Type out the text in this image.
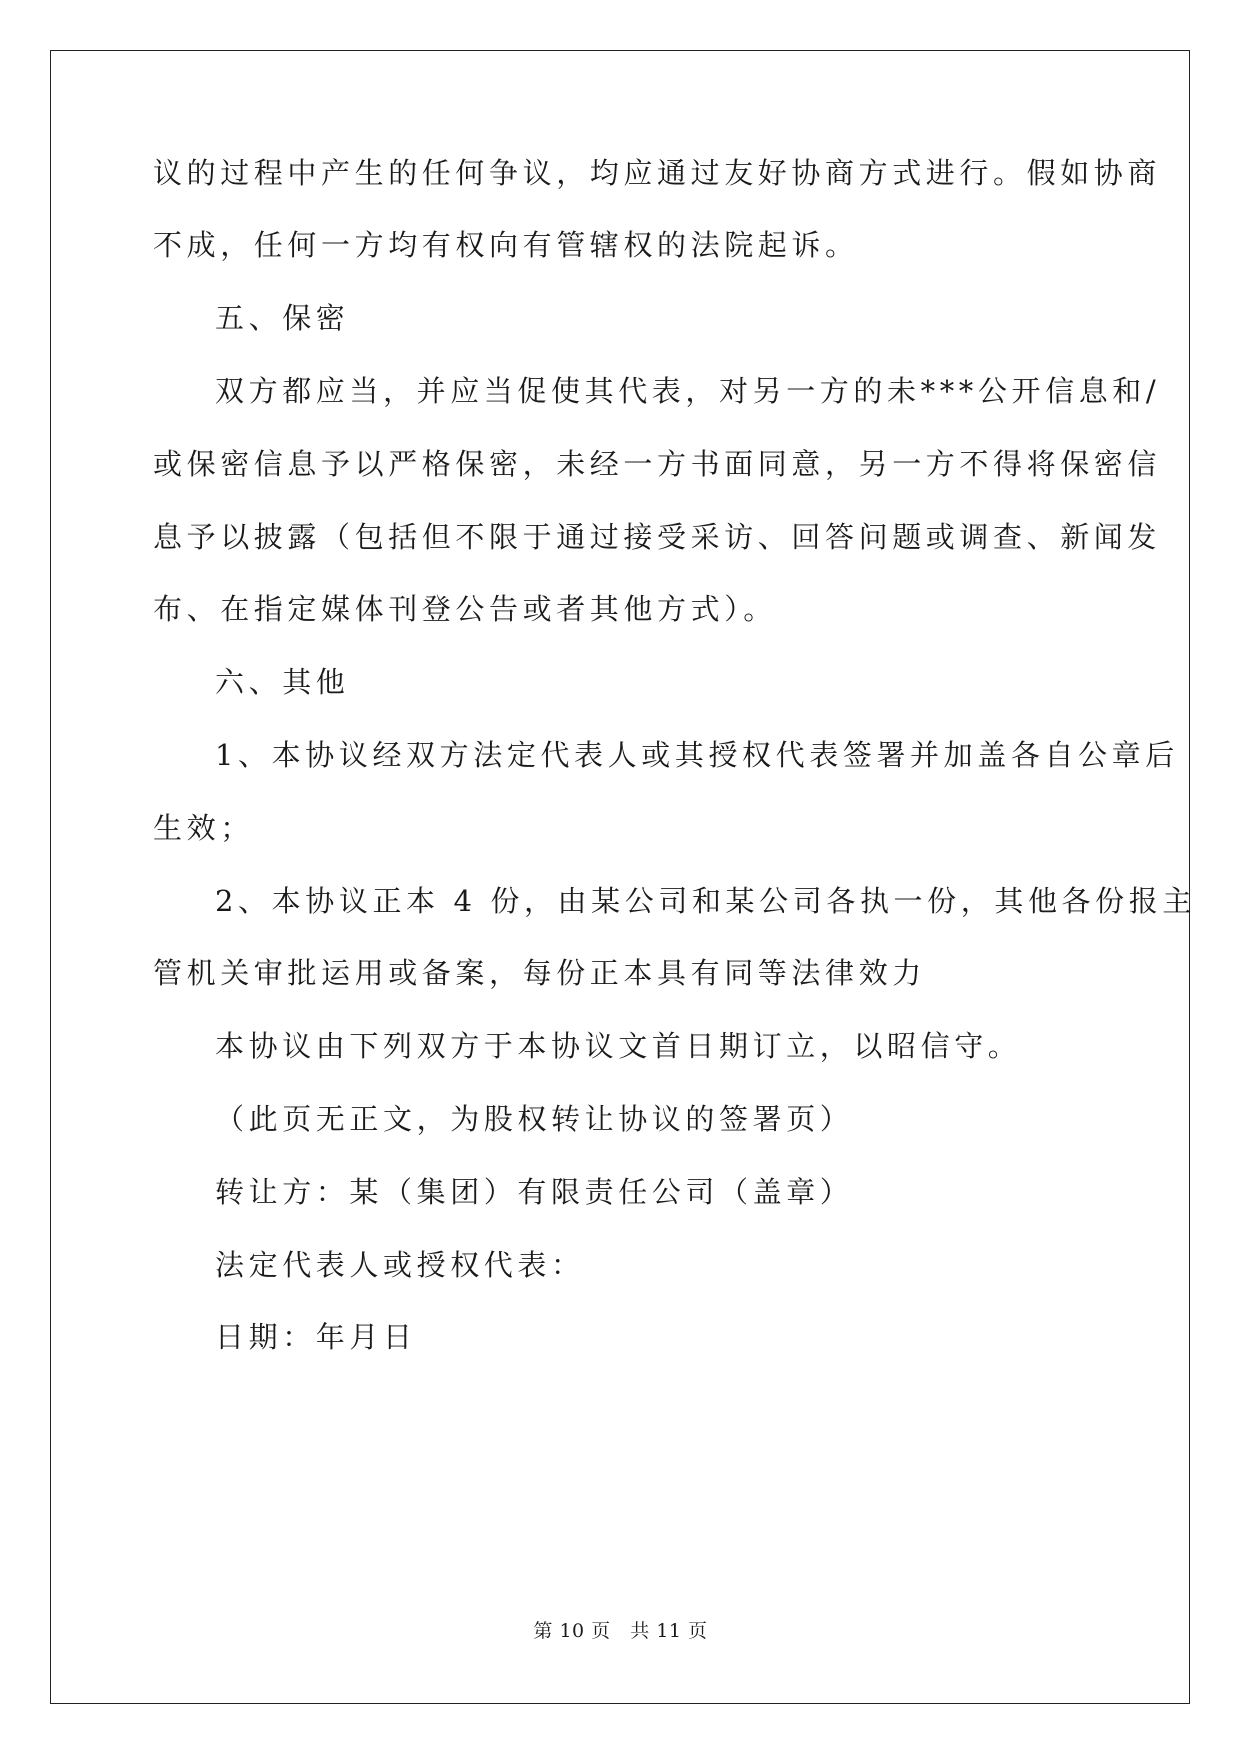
议的过程中产生的任何争议，均应通过友好协商方式进行。假如协商
不成，任何一方均有权向有管辖权的法院起诉。
五、保密
双方都应当，并应当促使其代表，对另一方的未***公开信息和/
或保密信息予以严格保密，未经一方书面同意，另一方不得将保密信
息予以披露（包括但不限于通过接受采访、回答问题或调查、新闻发
布、在指定媒体刊登公告或者其他方式）。
六、其他
1、本协议经双方法定代表人或其授权代表签署并加盖各自公章后
生效；
2、本协议正本 4 份，由某公司和某公司各执一份，其他各份报主
管机关审批运用或备案，每份正本具有同等法律效力
本协议由下列双方于本协议文首日期订立，以昭信守。
（此页无正文，为股权转让协议的签署页）
转让方：某（集团）有限责任公司（盖章）
法定代表人或授权代表：
日期：年月日
第 10 页   共 11 页
